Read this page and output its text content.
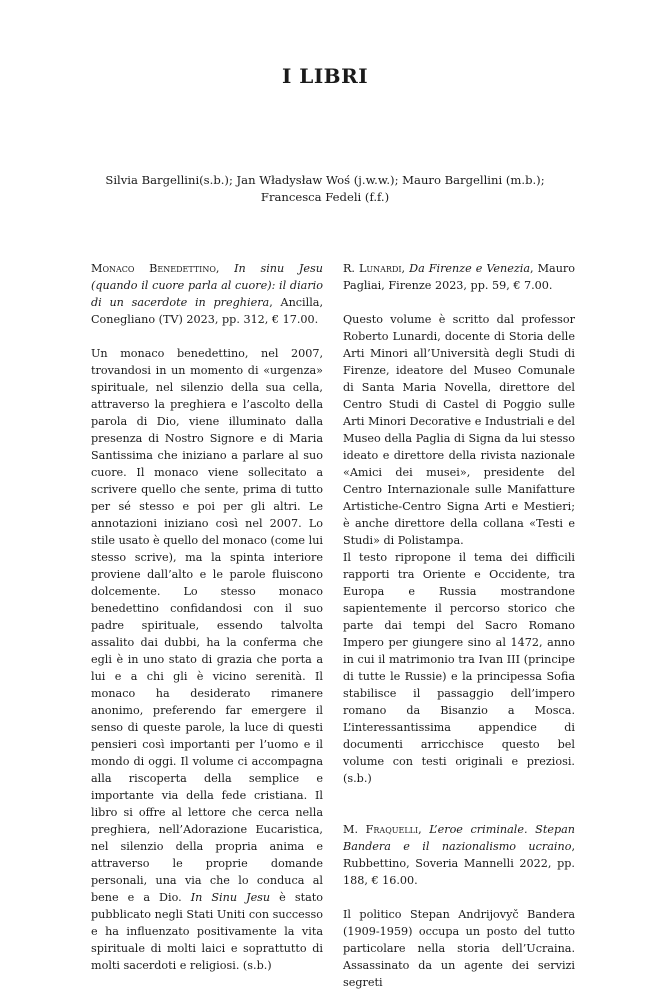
I LIBRI

Silvia Bargellini(s.b.); Jan Władysław Woś (j.w.w.); Mauro Bargellini (m.b.); Francesca Fedeli (f.f.)

Monaco Benedettino, In sinu Jesu (quando il cuore parla al cuore): il diario di un sacerdote in preghiera, Ancilla, Conegliano (TV) 2023, pp. 312, € 17.00.

Un monaco benedettino, nel 2007, trovandosi in un momento di «urgenza» spirituale, nel silenzio della sua cella, attraverso la preghiera e l’ascolto della parola di Dio, viene illuminato dalla presenza di Nostro Signore e di Maria Santissima che iniziano a parlare al suo cuore. Il monaco viene sollecitato a scrivere quello che sente, prima di tutto per sé stesso e poi per gli altri. Le annotazioni iniziano così nel 2007. Lo stile usato è quello del monaco (come lui stesso scrive), ma la spinta interiore proviene dall’alto e le parole fluiscono dolcemente. Lo stesso monaco benedettino confidandosi con il suo padre spirituale, essendo talvolta assalito dai dubbi, ha la conferma che egli è in uno stato di grazia che porta a lui e a chi gli è vicino serenità. Il monaco ha desiderato rimanere anonimo, preferendo far emergere il senso di queste parole, la luce di questi pensieri così importanti per l’uomo e il mondo di oggi. Il volume ci accompagna alla riscoperta della semplice e importante via della fede cristiana. Il libro si offre al lettore che cerca nella preghiera, nell’Adorazione Eucaristica, nel silenzio della propria anima e attraverso le proprie domande personali, una via che lo conduca al bene e a Dio. In Sinu Jesu è stato pubblicato negli Stati Uniti con successo e ha influenzato positivamente la vita spirituale di molti laici e soprattutto di molti sacerdoti e religiosi. (s.b.)

R. Lunardi, Da Firenze e Venezia, Mauro Pagliai, Firenze 2023, pp. 59, € 7.00.

Questo volume è scritto dal professor Roberto Lunardi, docente di Storia delle Arti Minori all’Università degli Studi di Firenze, ideatore del Museo Comunale di Santa Maria Novella, direttore del Centro Studi di Castel di Poggio sulle Arti Minori Decorative e Industriali e del Museo della Paglia di Signa da lui stesso ideato e direttore della rivista nazionale «Amici dei musei», presidente del Centro Internazionale sulle Manifatture Artistiche-Centro Signa Arti e Mestieri; è anche direttore della collana «Testi e Studi» di Polistampa.

Il testo ripropone il tema dei difficili rapporti tra Oriente e Occidente, tra Europa e Russia mostrandone sapientemente il percorso storico che parte dai tempi del Sacro Romano Impero per giungere sino al 1472, anno in cui il matrimonio tra Ivan III (principe di tutte le Russie) e la principessa Sofia stabilisce il passaggio dell’impero romano da Bisanzio a Mosca. L’interessantissima appendice di documenti arricchisce questo bel volume con testi originali e preziosi. (s.b.)

M. Fraquelli, L’eroe criminale. Stepan Bandera e il nazionalismo ucraino, Rubbettino, Soveria Mannelli 2022, pp. 188, € 16.00.

Il politico Stepan Andrijovyč Bandera (1909-1959) occupa un posto del tutto particolare nella storia dell’Ucraina. Assassinato da un agente dei servizi segreti
